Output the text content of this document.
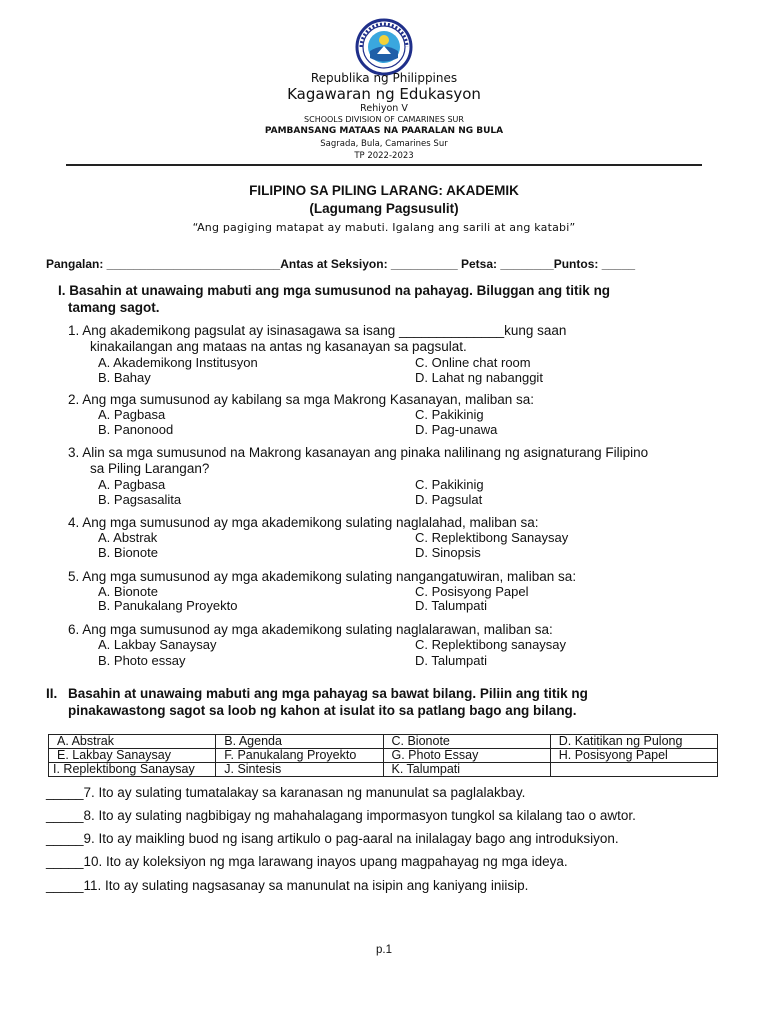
Republika ng Philippines
Kagawaran ng Edukasyon
Rehiyon V
SCHOOLS DIVISION OF CAMARINES SUR
PAMBANSANG MATAAS NA PAARALAN NG BULA
Sagrada, Bula, Camarines Sur
TP 2022-2023
FILIPINO SA PILING LARANG: AKADEMIK
(Lagumang Pagsusulit)
“Ang pagiging matapat ay mabuti. Igalang ang sarili at ang katabi”
Pangalan: __________________________Antas at Seksiyon: __________ Petsa: ________Puntos: _____
I. Basahin at unawaing mabuti ang mga sumusunod na pahayag. Biluggan ang titik ng
tamang sagot.
1. Ang akademikong pagsulat ay isinasagawa sa isang ______________kung saan
kinakailangan ang mataas na antas ng kasanayan sa pagsulat.
A. Akademikong Institusyon	C. Online chat room
B. Bahay	D. Lahat ng nabanggit
2. Ang mga sumusunod ay kabilang sa mga Makrong Kasanayan, maliban sa:
A. Pagbasa	C. Pakikinig
B. Panonood	D. Pag-unawa
3. Alin sa mga sumusunod na Makrong kasanayan ang pinaka nalilinang ng asignaturang Filipino
sa Piling Larangan?
A. Pagbasa	C. Pakikinig
B. Pagsasalita	D. Pagsulat
4. Ang mga sumusunod ay mga akademikong sulating naglalahad, maliban sa:
A. Abstrak	C. Replektibong Sanaysay
B. Bionote	D. Sinopsis
5. Ang mga sumusunod ay mga akademikong sulating nangangatuwiran, maliban sa:
A. Bionote	C. Posisyong Papel
B. Panukalang Proyekto	D. Talumpati
6. Ang mga sumusunod ay mga akademikong sulating naglalarawan, maliban sa:
A. Lakbay Sanaysay	C. Replektibong sanaysay
B. Photo essay	D. Talumpati
II. Basahin at unawaing mabuti ang mga pahayag sa bawat bilang. Piliin ang titik ng
pinakawastong sagot sa loob ng kahon at isulat ito sa patlang bago ang bilang.
A. Abstrak	B. Agenda	C. Bionote	D. Katitikan ng Pulong
E. Lakbay Sanaysay	F. Panukalang Proyekto	G. Photo Essay	H. Posisyong Papel
I. Replektibong Sanaysay	J. Sintesis	K. Talumpati	
_____7. Ito ay sulating tumatalakay sa karanasan ng manunulat sa paglalakbay.
_____8. Ito ay sulating nagbibigay ng mahahalagang impormasyon tungkol sa kilalang tao o awtor.
_____9. Ito ay maikling buod ng isang artikulo o pag-aaral na inilalagay bago ang introduksiyon.
_____10. Ito ay koleksiyon ng mga larawang inayos upang magpahayag ng mga ideya.
_____11. Ito ay sulating nagsasanay sa manunulat na isipin ang kaniyang iniisip.
p.1
